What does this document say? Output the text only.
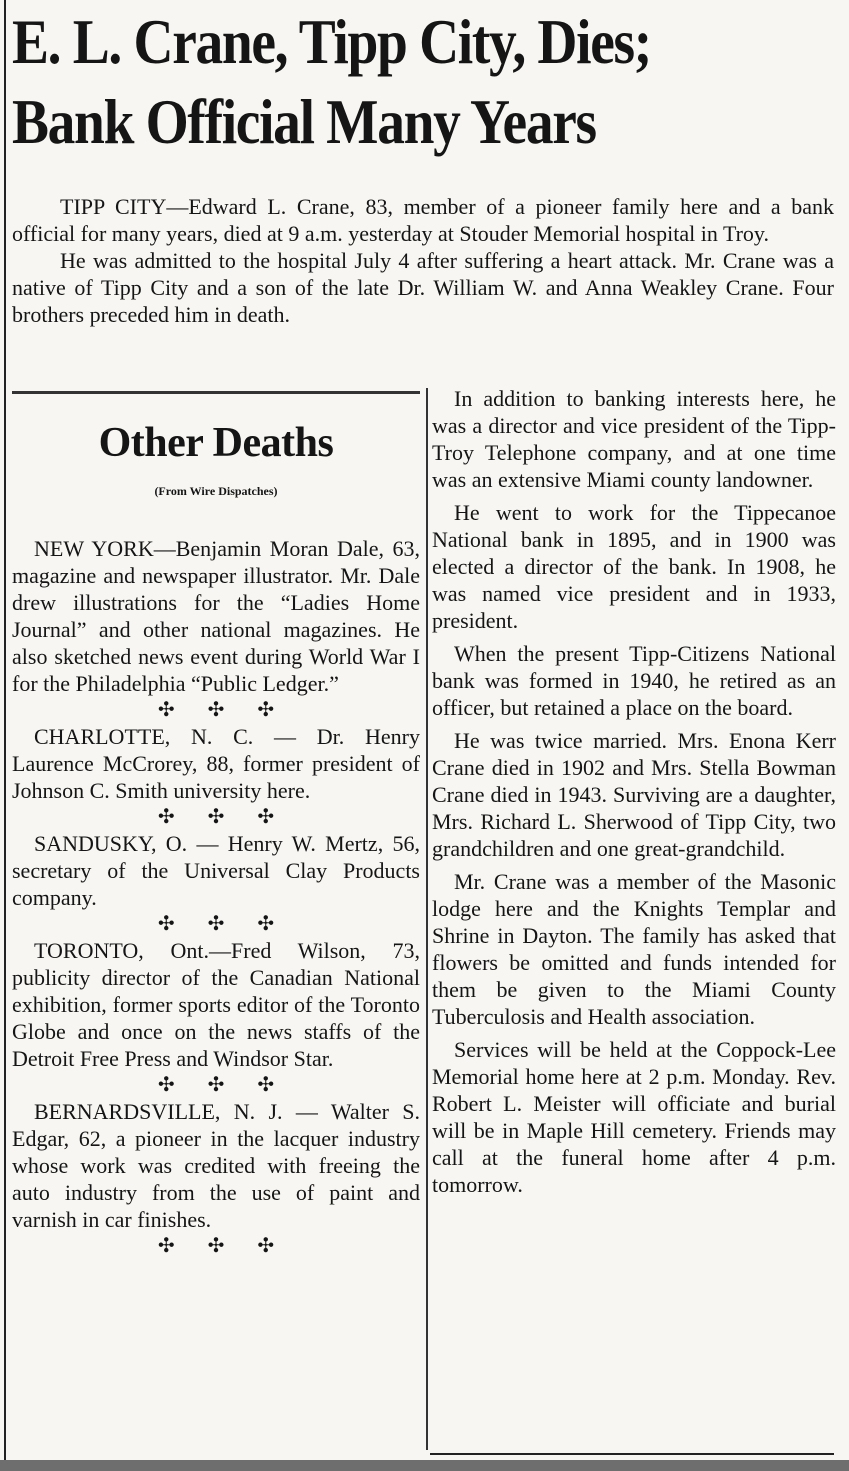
E. L. Crane, Tipp City, Dies;
Bank Official Many Years

TIPP CITY—Edward L. Crane, 83, member of a pioneer family here and a bank official for many years, died at 9 a.m. yesterday at Stouder Memorial hospital in Troy.

He was admitted to the hospital July 4 after suffering a heart attack. Mr. Crane was a native of Tipp City and a son of the late Dr. William W. and Anna Weakley Crane. Four brothers preceded him in death.

Other Deaths
(From Wire Dispatches)

NEW YORK—Benjamin Moran Dale, 63, magazine and newspaper illustrator. Mr. Dale drew illustrations for the “Ladies Home Journal” and other national magazines. He also sketched news event during World War I for the Philadelphia “Public Ledger.”

✣ ✣ ✣

CHARLOTTE, N. C. — Dr. Henry Laurence McCrorey, 88, former president of Johnson C. Smith university here.

✣ ✣ ✣

SANDUSKY, O. — Henry W. Mertz, 56, secretary of the Universal Clay Products company.

✣ ✣ ✣

TORONTO, Ont.—Fred Wilson, 73, publicity director of the Canadian National exhibition, former sports editor of the Toronto Globe and once on the news staffs of the Detroit Free Press and Windsor Star.

✣ ✣ ✣

BERNARDSVILLE, N. J. — Walter S. Edgar, 62, a pioneer in the lacquer industry whose work was credited with freeing the auto industry from the use of paint and varnish in car finishes.

✣ ✣ ✣

In addition to banking interests here, he was a director and vice president of the Tipp-Troy Telephone company, and at one time was an extensive Miami county landowner.

He went to work for the Tippecanoe National bank in 1895, and in 1900 was elected a director of the bank. In 1908, he was named vice president and in 1933, president.

When the present Tipp-Citizens National bank was formed in 1940, he retired as an officer, but retained a place on the board.

He was twice married. Mrs. Enona Kerr Crane died in 1902 and Mrs. Stella Bowman Crane died in 1943. Surviving are a daughter, Mrs. Richard L. Sherwood of Tipp City, two grandchildren and one great-grandchild.

Mr. Crane was a member of the Masonic lodge here and the Knights Templar and Shrine in Dayton. The family has asked that flowers be omitted and funds intended for them be given to the Miami County Tuberculosis and Health association.

Services will be held at the Coppock-Lee Memorial home here at 2 p.m. Monday. Rev. Robert L. Meister will officiate and burial will be in Maple Hill cemetery. Friends may call at the funeral home after 4 p.m. tomorrow.
